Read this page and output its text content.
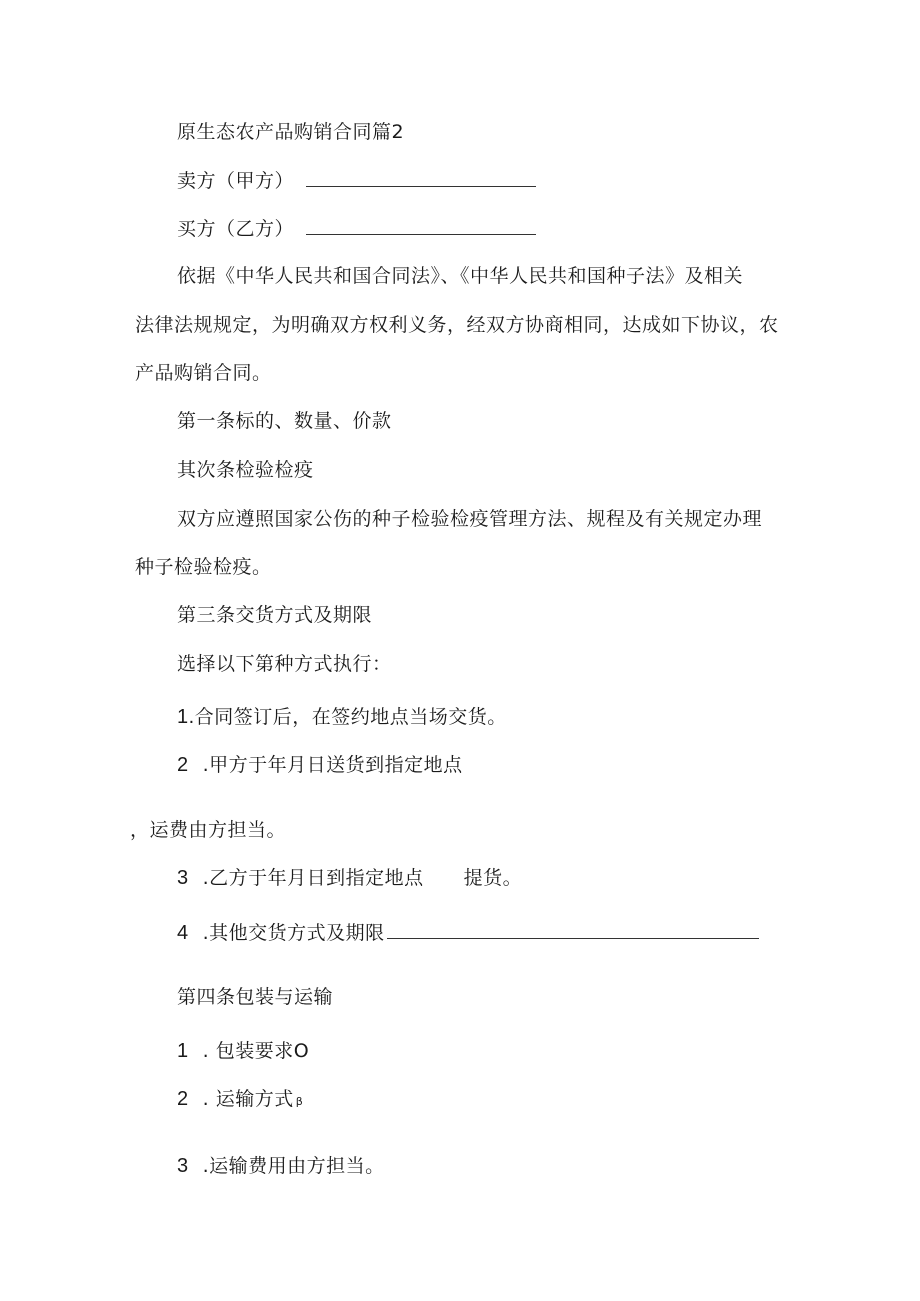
原生态农产品购销合同篇2
卖方（甲方）
买方（乙方）
依据《中华人民共和国合同法》、《中华人民共和国种子法》及相关
法律法规规定，为明确双方权利义务，经双方协商相同，达成如下协议，农
产品购销合同。
第一条标的、数量、价款
其次条检验检疫
双方应遵照国家公伤的种子检验检疫管理方法、规程及有关规定办理
种子检验检疫。
第三条交货方式及期限
选择以下第种方式执行：
1.合同签订后，在签约地点当场交货。
2 .甲方于年月日送货到指定地点
，运费由方担当。
3 .乙方于年月日到指定地点 提货。
4 .其他交货方式及期限
第四条包装与运输
1 . 包装要求O
2 . 运输方式 β
3 .运输费用由方担当。
